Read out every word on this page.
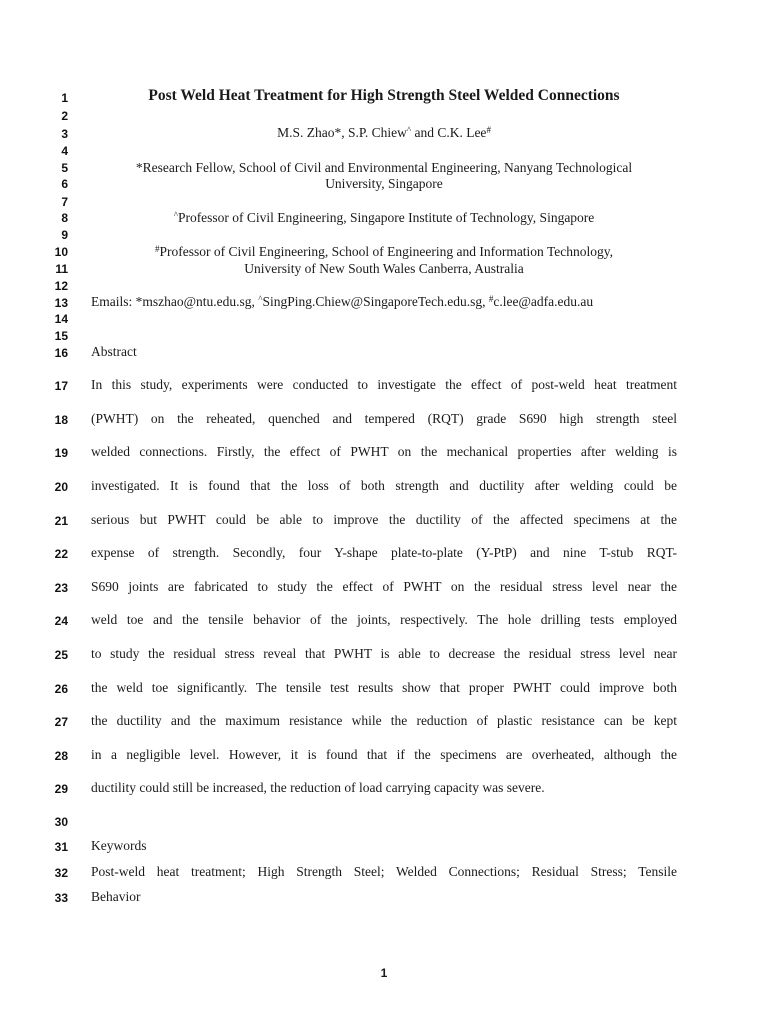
1
2
3
4
5
6
7
8
9
10
11
12
13
14
15
16
17
18
19
20
21
22
23
24
25
26
27
28
29
30
31
32
33
Post Weld Heat Treatment for High Strength Steel Welded Connections
M.S. Zhao*, S.P. Chiew^ and C.K. Lee#
*Research Fellow, School of Civil and Environmental Engineering, Nanyang Technological
University, Singapore
^Professor of Civil Engineering, Singapore Institute of Technology, Singapore
#Professor of Civil Engineering, School of Engineering and Information Technology,
University of New South Wales Canberra, Australia
Emails: *mszhao@ntu.edu.sg, ^SingPing.Chiew@SingaporeTech.edu.sg, #c.lee@adfa.edu.au
Abstract
In this study, experiments were conducted to investigate the effect of post-weld heat treatment
(PWHT) on the reheated, quenched and tempered (RQT) grade S690 high strength steel
welded connections. Firstly, the effect of PWHT on the mechanical properties after welding is
investigated. It is found that the loss of both strength and ductility after welding could be
serious but PWHT could be able to improve the ductility of the affected specimens at the
expense of strength. Secondly, four Y-shape plate-to-plate (Y-PtP) and nine T-stub RQT-
S690 joints are fabricated to study the effect of PWHT on the residual stress level near the
weld toe and the tensile behavior of the joints, respectively. The hole drilling tests employed
to study the residual stress reveal that PWHT is able to decrease the residual stress level near
the weld toe significantly. The tensile test results show that proper PWHT could improve both
the ductility and the maximum resistance while the reduction of plastic resistance can be kept
in a negligible level. However, it is found that if the specimens are overheated, although the
ductility could still be increased, the reduction of load carrying capacity was severe.
Keywords
Post-weld heat treatment; High Strength Steel; Welded Connections; Residual Stress; Tensile
Behavior
1
